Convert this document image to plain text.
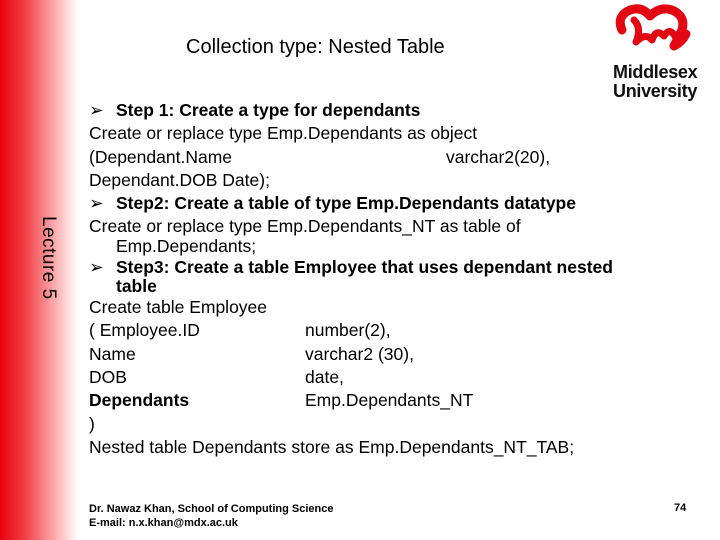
Lecture 5
Collection type: Nested Table
Middlesex
University
➢ Step 1: Create a type for dependants
Create or replace type Emp.Dependants as object
(Dependant.Name	varchar2(20),
Dependant.DOB Date);
➢ Step2: Create a table of type Emp.Dependants datatype
Create or replace type Emp.Dependants_NT as table of
Emp.Dependants;
➢ Step3: Create a table Employee that uses dependant nested
table
Create table Employee
( Employee.ID	number(2),
Name	varchar2 (30),
DOB	date,
Dependants	Emp.Dependants_NT
)
Nested table Dependants store as Emp.Dependants_NT_TAB;
Dr. Nawaz Khan, School of Computing Science
E-mail: n.x.khan@mdx.ac.uk
74
